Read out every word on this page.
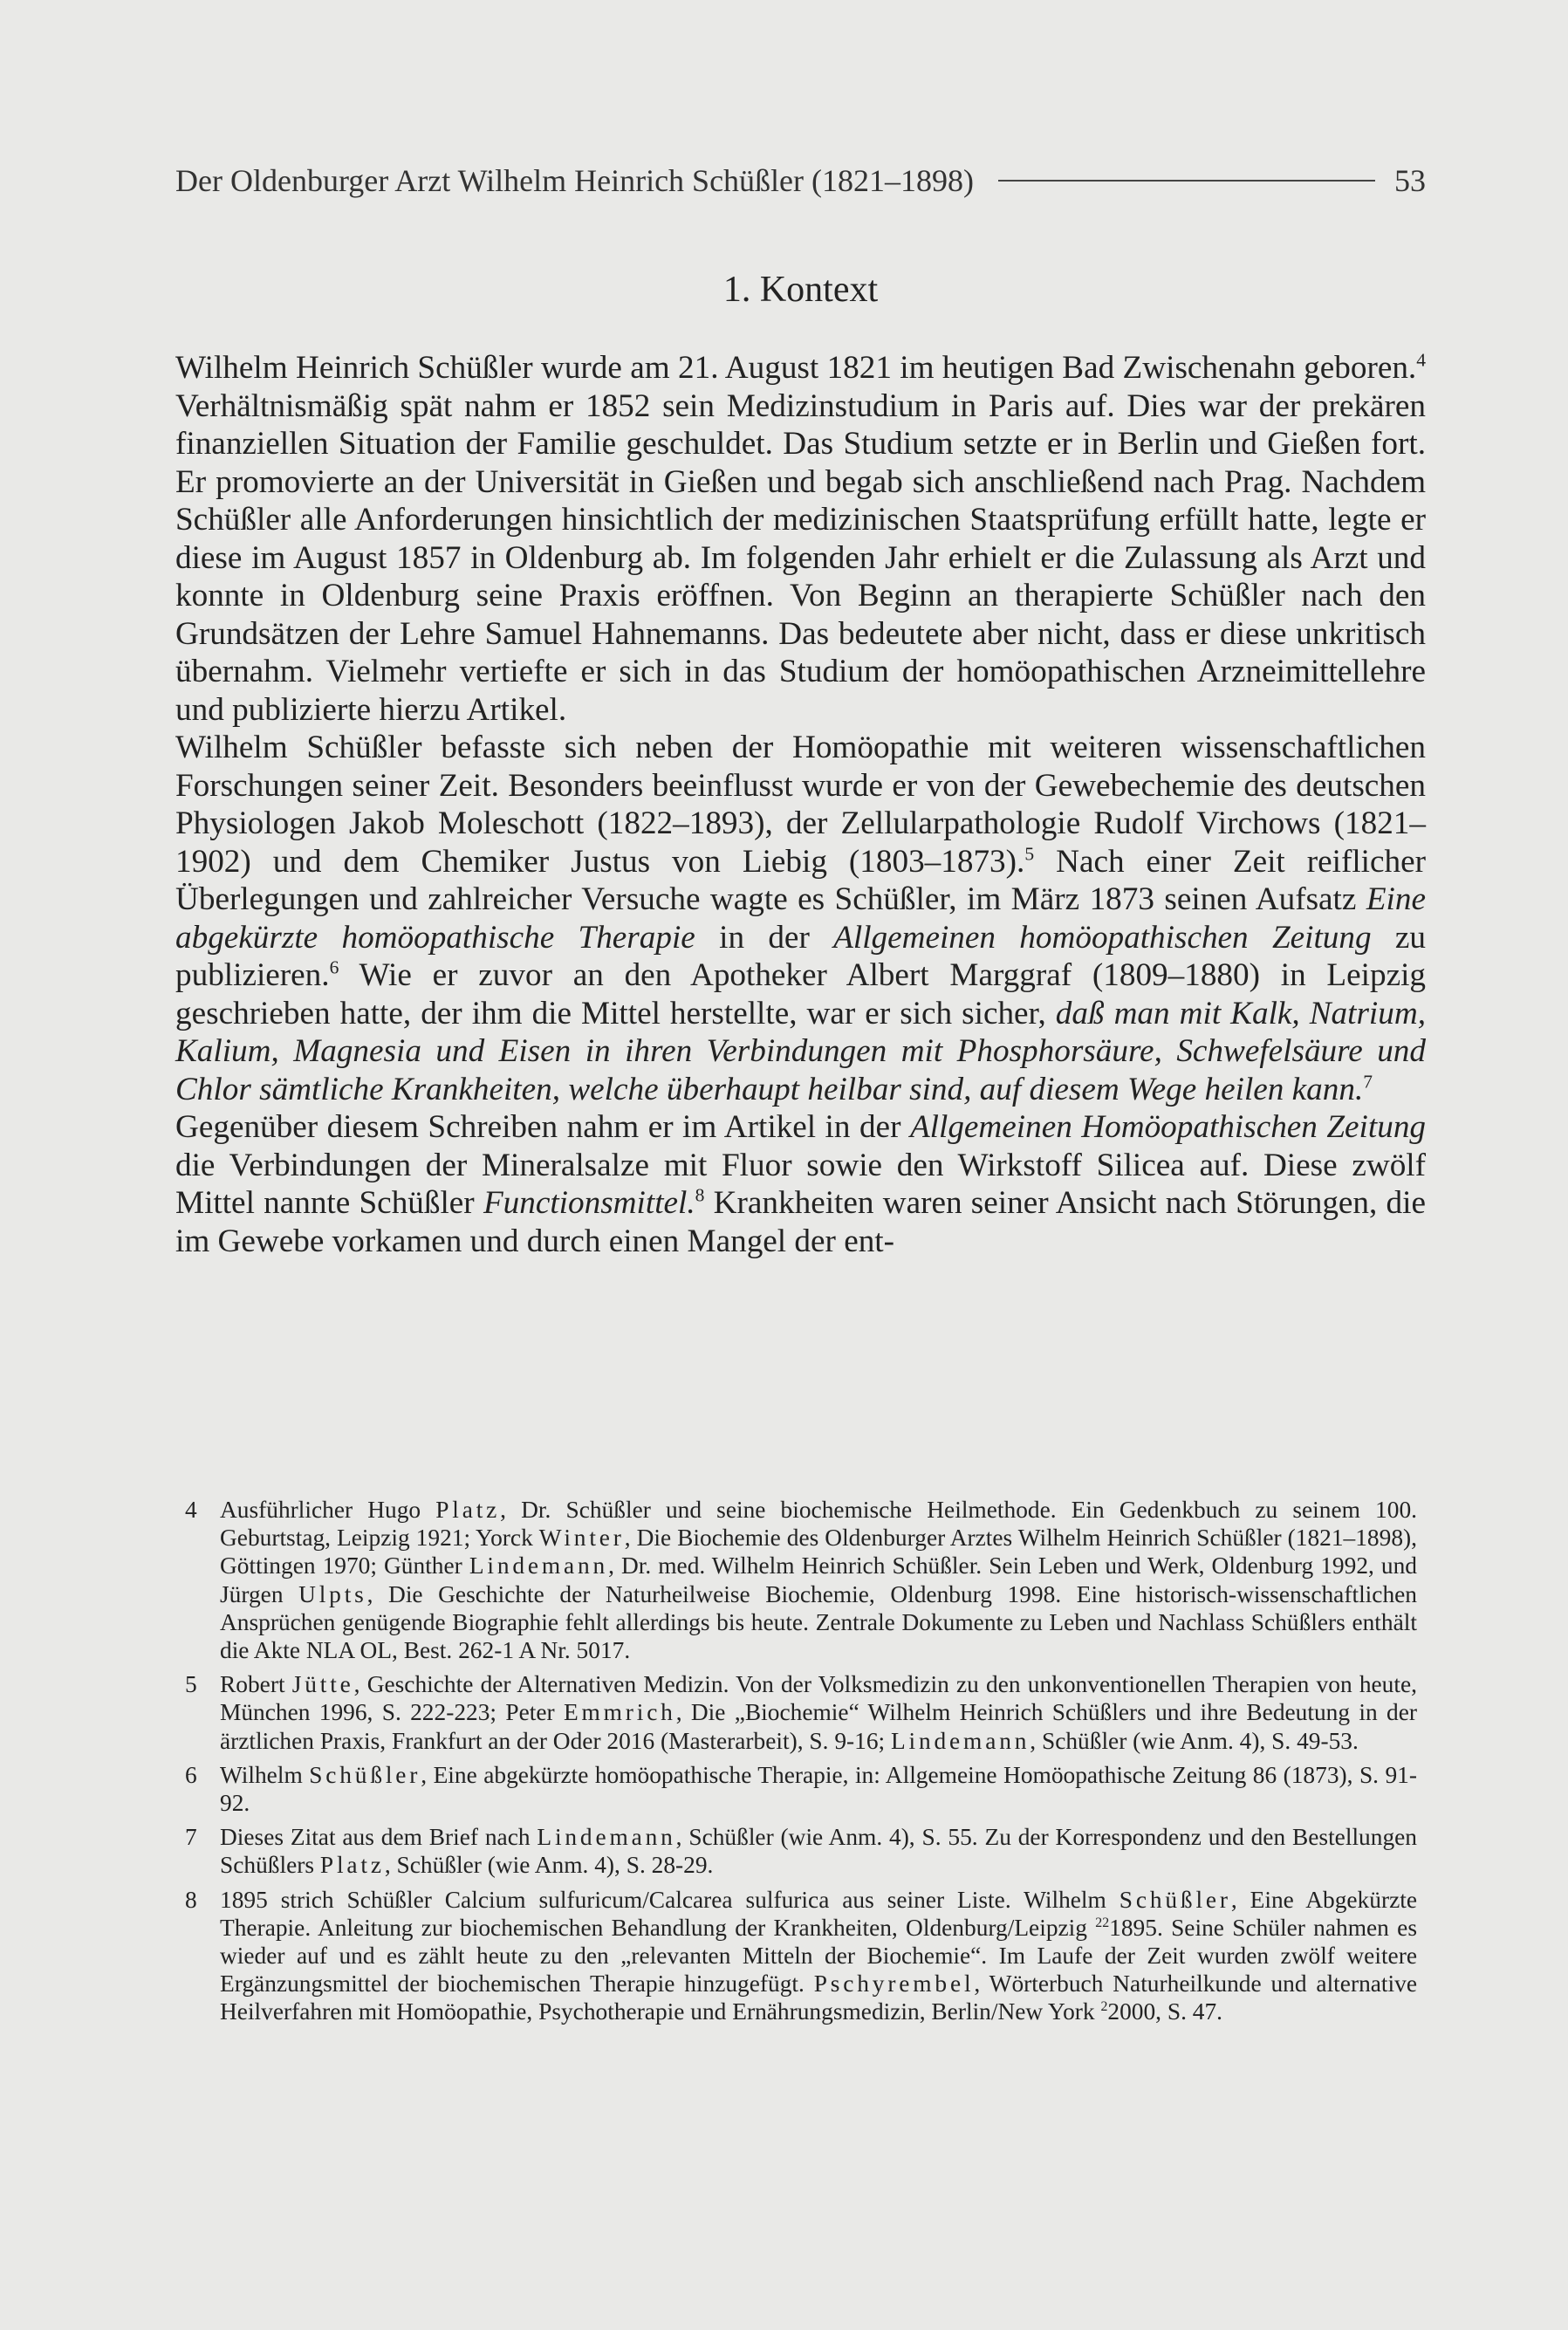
Der Oldenburger Arzt Wilhelm Heinrich Schüßler (1821–1898)	53
1. Kontext

Wilhelm Heinrich Schüßler wurde am 21. August 1821 im heutigen Bad Zwischenahn geboren.$^4$ Verhältnismäßig spät nahm er 1852 sein Medizinstudium in Paris auf. Dies war der prekären finanziellen Situation der Familie geschuldet. Das Studium setzte er in Berlin und Gießen fort. Er promovierte an der Universität in Gießen und begab sich anschließend nach Prag. Nachdem Schüßler alle Anforderungen hinsichtlich der medizinischen Staatsprüfung erfüllt hatte, legte er diese im August 1857 in Oldenburg ab. Im folgenden Jahr erhielt er die Zulassung als Arzt und konnte in Oldenburg seine Praxis eröffnen. Von Beginn an therapierte Schüßler nach den Grundsätzen der Lehre Samuel Hahnemanns. Das bedeutete aber nicht, dass er diese unkritisch übernahm. Vielmehr vertiefte er sich in das Studium der homöopathischen Arzneimittellehre und publizierte hierzu Artikel.

Wilhelm Schüßler befasste sich neben der Homöopathie mit weiteren wissenschaftlichen Forschungen seiner Zeit. Besonders beeinflusst wurde er von der Gewebechemie des deutschen Physiologen Jakob Moleschott (1822–1893), der Zellularpathologie Rudolf Virchows (1821–1902) und dem Chemiker Justus von Liebig (1803–1873).$^5$ Nach einer Zeit reiflicher Überlegungen und zahlreicher Versuche wagte es Schüßler, im März 1873 seinen Aufsatz Eine abgekürzte homöopathische Therapie in der Allgemeinen homöopathischen Zeitung zu publizieren.$^6$ Wie er zuvor an den Apotheker Albert Marggraf (1809–1880) in Leipzig geschrieben hatte, der ihm die Mittel herstellte, war er sich sicher, daß man mit Kalk, Natrium, Kalium, Magnesia und Eisen in ihren Verbindungen mit Phosphorsäure, Schwefelsäure und Chlor sämtliche Krankheiten, welche überhaupt heilbar sind, auf diesem Wege heilen kann.$^7$

Gegenüber diesem Schreiben nahm er im Artikel in der Allgemeinen Homöopathischen Zeitung die Verbindungen der Mineralsalze mit Fluor sowie den Wirkstoff Silicea auf. Diese zwölf Mittel nannte Schüßler Functionsmittel.$^8$ Krankheiten waren seiner Ansicht nach Störungen, die im Gewebe vorkamen und durch einen Mangel der ent-

4 Ausführlicher Hugo Platz, Dr. Schüßler und seine biochemische Heilmethode. Ein Gedenkbuch zu seinem 100. Geburtstag, Leipzig 1921; Yorck Winter, Die Biochemie des Oldenburger Arztes Wilhelm Heinrich Schüßler (1821–1898), Göttingen 1970; Günther Lindemann, Dr. med. Wilhelm Heinrich Schüßler. Sein Leben und Werk, Oldenburg 1992, und Jürgen Ulpts, Die Geschichte der Naturheilweise Biochemie, Oldenburg 1998. Eine historisch-wissenschaftlichen Ansprüchen genügende Biographie fehlt allerdings bis heute. Zentrale Dokumente zu Leben und Nachlass Schüßlers enthält die Akte NLA OL, Best. 262-1 A Nr. 5017.
5 Robert Jütte, Geschichte der Alternativen Medizin. Von der Volksmedizin zu den unkonventionellen Therapien von heute, München 1996, S. 222-223; Peter Emmrich, Die „Biochemie“ Wilhelm Heinrich Schüßlers und ihre Bedeutung in der ärztlichen Praxis, Frankfurt an der Oder 2016 (Masterarbeit), S. 9-16; Lindemann, Schüßler (wie Anm. 4), S. 49-53.
6 Wilhelm Schüßler, Eine abgekürzte homöopathische Therapie, in: Allgemeine Homöopathische Zeitung 86 (1873), S. 91-92.
7 Dieses Zitat aus dem Brief nach Lindemann, Schüßler (wie Anm. 4), S. 55. Zu der Korrespondenz und den Bestellungen Schüßlers Platz, Schüßler (wie Anm. 4), S. 28-29.
8 1895 strich Schüßler Calcium sulfuricum/Calcarea sulfurica aus seiner Liste. Wilhelm Schüßler, Eine Abgekürzte Therapie. Anleitung zur biochemischen Behandlung der Krankheiten, Oldenburg/Leipzig $^{22}$1895. Seine Schüler nahmen es wieder auf und es zählt heute zu den „relevanten Mitteln der Biochemie“. Im Laufe der Zeit wurden zwölf weitere Ergänzungsmittel der biochemischen Therapie hinzugefügt. Pschyrembel, Wörterbuch Naturheilkunde und alternative Heilverfahren mit Homöopathie, Psychotherapie und Ernährungsmedizin, Berlin/New York $^2$2000, S. 47.
